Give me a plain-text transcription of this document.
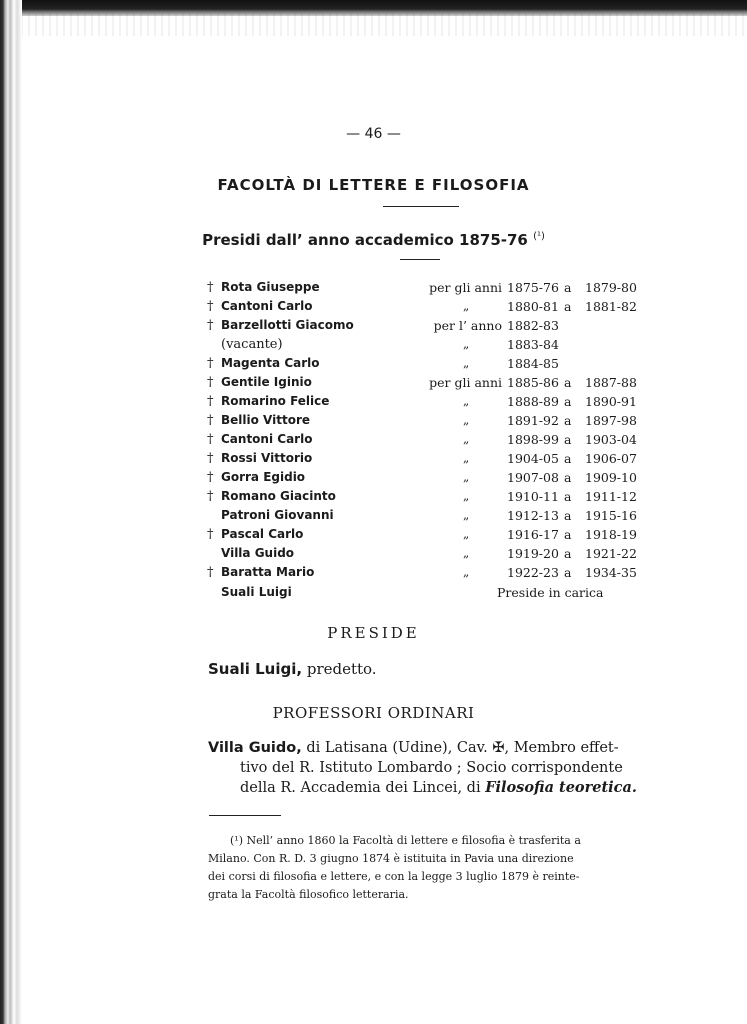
— 46 —
FACOLTÀ DI LETTERE E FILOSOFIA
Presidi dall’ anno accademico 1875-76 $^{(^1)}$
† Rota Giuseppe	per gli anni 1875-76 a 1879-80
† Cantoni Carlo	„	1880-81 a 1881-82
† Barzellotti Giacomo	per l’ anno 1882-83
(vacante)	„	1883-84
† Magenta Carlo	„	1884-85
† Gentile Iginio	per gli anni 1885-86 a 1887-88
† Romarino Felice	„	1888-89 a 1890-91
† Bellio Vittore	„	1891-92 a 1897-98
† Cantoni Carlo	„	1898-99 a 1903-04
† Rossi Vittorio	„	1904-05 a 1906-07
† Gorra Egidio	„	1907-08 a 1909-10
† Romano Giacinto	„	1910-11 a 1911-12
Patroni Giovanni	„	1912-13 a 1915-16
† Pascal Carlo	„	1916-17 a 1918-19
Villa Guido	„	1919-20 a 1921-22
† Baratta Mario	„	1922-23 a 1934-35
Suali Luigi	Preside in carica
PRESIDE
Suali Luigi, predetto.
PROFESSORI ORDINARI
Villa Guido, di Latisana (Udine), Cav. ✠, Membro effet-
tivo del R. Istituto Lombardo ; Socio corrispondente
della R. Accademia dei Lincei, di Filosofia teoretica.
(¹) Nell’ anno 1860 la Facoltà di lettere e filosofia è trasferita a
Milano. Con R. D. 3 giugno 1874 è istituita in Pavia una direzione
dei corsi di filosofia e lettere, e con la legge 3 luglio 1879 è reinte-
grata la Facoltà filosofico letteraria.
